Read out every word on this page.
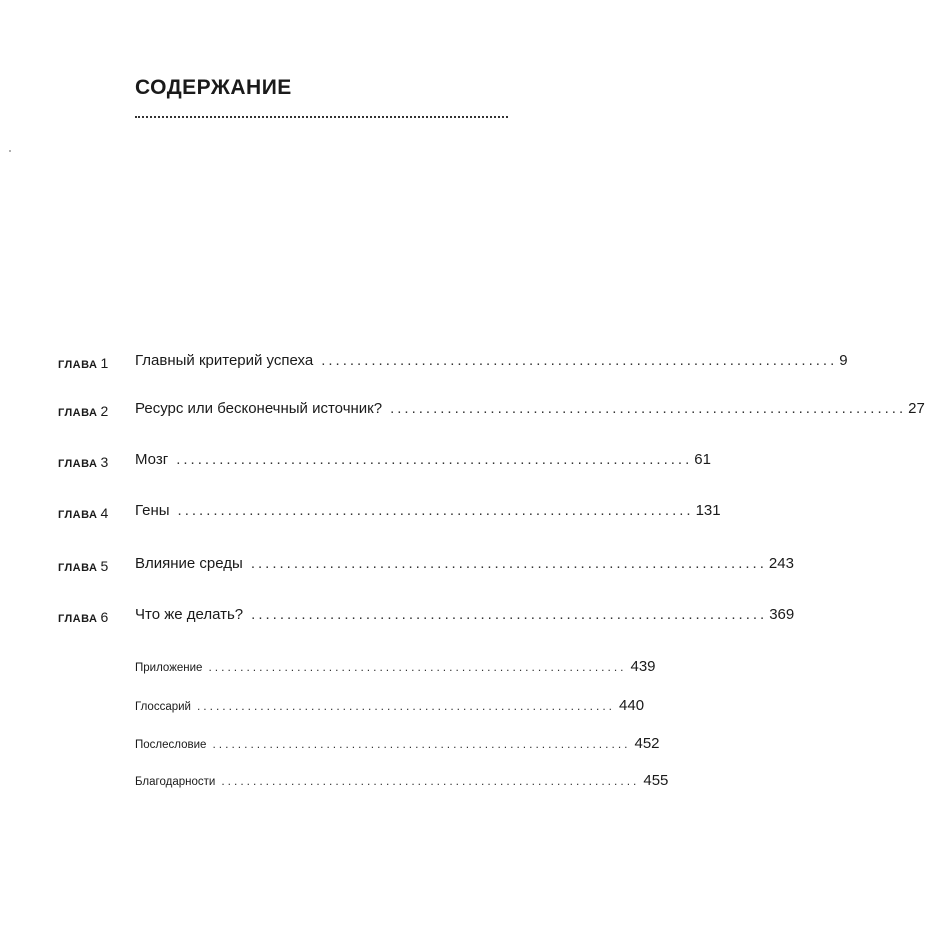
СОДЕРЖАНИЕ
ГЛАВА 1 Главный критерий успеха ........................................................................ 9
ГЛАВА 2 Ресурс или бесконечный источник? ........................................................................ 27
ГЛАВА 3 Мозг ........................................................................ 61
ГЛАВА 4 Гены ........................................................................ 131
ГЛАВА 5 Влияние среды ........................................................................ 243
ГЛАВА 6 Что же делать? ........................................................................ 369
Приложение .................................................................. 439
Глоссарий .................................................................. 440
Послесловие .................................................................. 452
Благодарности .................................................................. 455
